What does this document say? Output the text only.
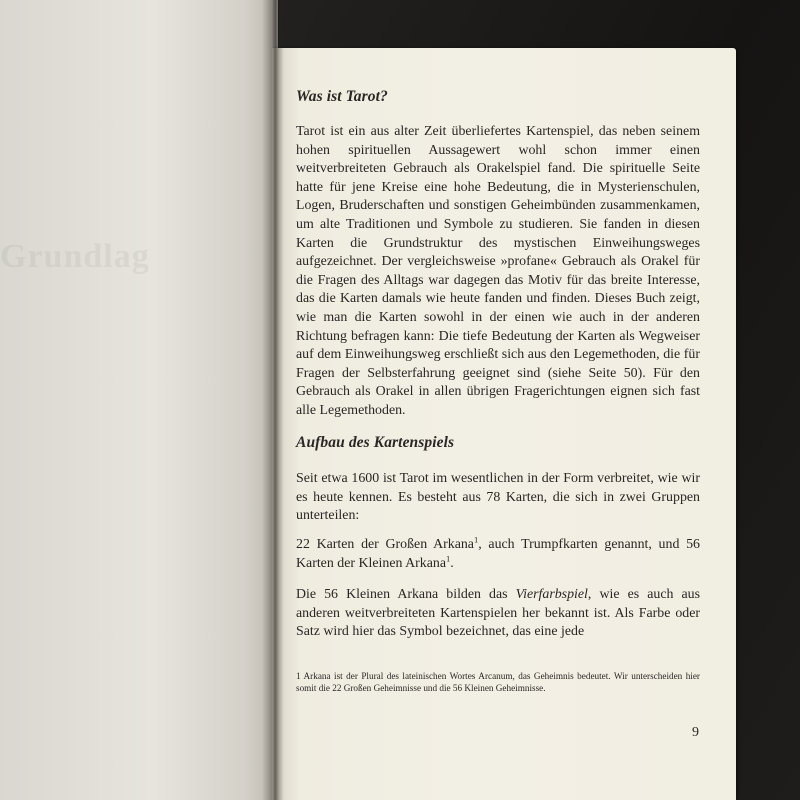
Grundlag
Was ist Tarot?

Tarot ist ein aus alter Zeit überliefertes Kartenspiel, das neben seinem hohen spirituellen Aussagewert wohl schon immer einen weitverbreiteten Gebrauch als Orakelspiel fand. Die spirituelle Seite hatte für jene Kreise eine hohe Bedeutung, die in Mysterienschulen, Logen, Bruderschaften und sonstigen Geheimbünden zusammenkamen, um alte Traditionen und Symbole zu studieren. Sie fanden in diesen Karten die Grundstruktur des mystischen Einweihungsweges aufgezeichnet. Der vergleichsweise »profane« Gebrauch als Orakel für die Fragen des Alltags war dagegen das Motiv für das breite Interesse, das die Karten damals wie heute fanden und finden. Dieses Buch zeigt, wie man die Karten sowohl in der einen wie auch in der anderen Richtung befragen kann: Die tiefe Bedeutung der Karten als Wegweiser auf dem Einweihungsweg erschließt sich aus den Legemethoden, die für Fragen der Selbsterfahrung geeignet sind (siehe Seite 50). Für den Gebrauch als Orakel in allen übrigen Fragerichtungen eignen sich fast alle Legemethoden.

Aufbau des Kartenspiels

Seit etwa 1600 ist Tarot im wesentlichen in der Form verbreitet, wie wir es heute kennen. Es besteht aus 78 Karten, die sich in zwei Gruppen unterteilen:

22 Karten der Großen Arkana$^1$, auch Trumpfkarten genannt, und 56 Karten der Kleinen Arkana$^1$.

Die 56 Kleinen Arkana bilden das Vierfarbspiel, wie es auch aus anderen weitverbreiteten Kartenspielen her bekannt ist. Als Farbe oder Satz wird hier das Symbol bezeichnet, das eine jede

1 Arkana ist der Plural des lateinischen Wortes Arcanum, das Geheimnis bedeutet. Wir unterscheiden hier somit die 22 Großen Geheimnisse und die 56 Kleinen Geheimnisse.

9
